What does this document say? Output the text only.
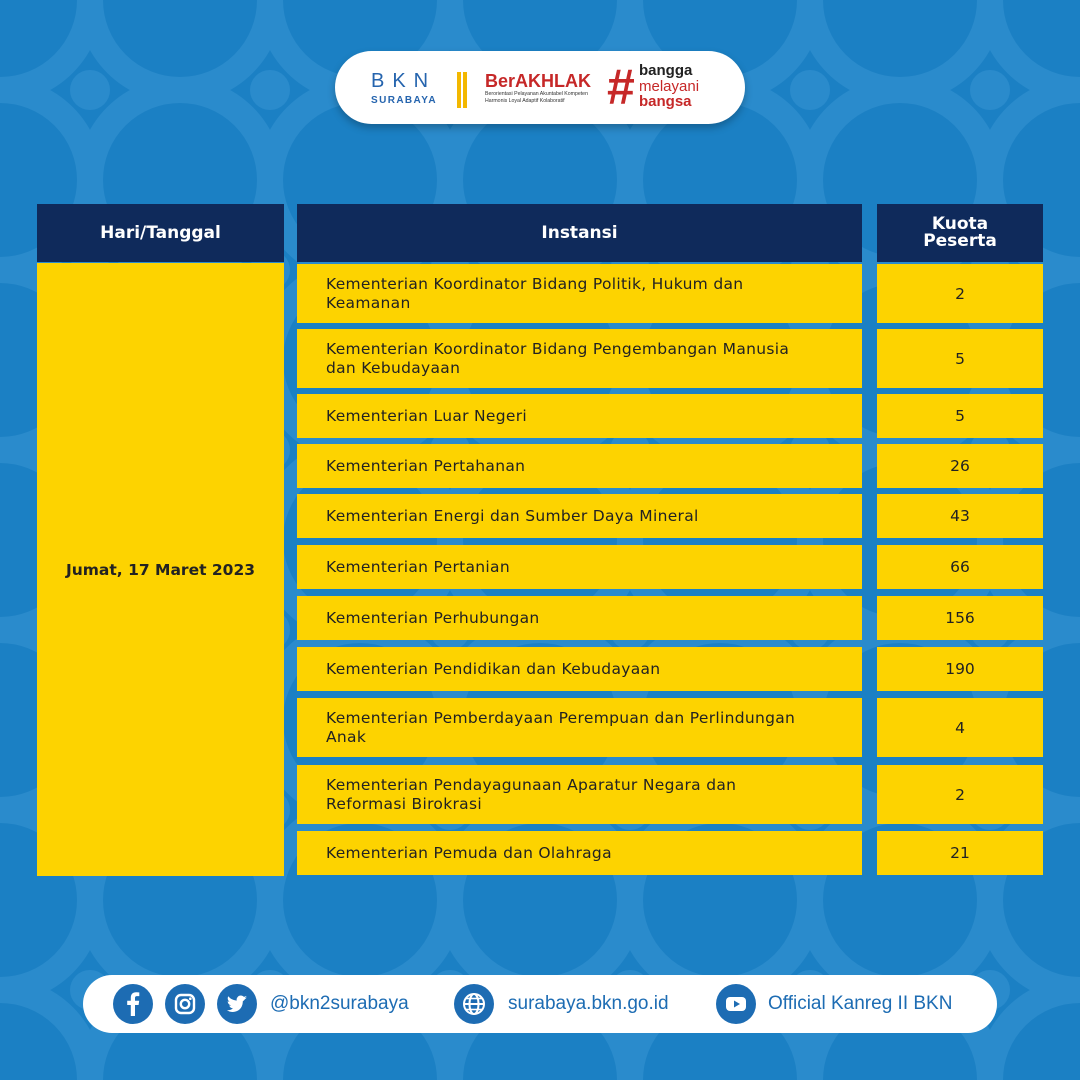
BKN
SURABAYA
BerAKHLAK
Berorientasi Pelayanan Akuntabel Kompeten
Harmonis Loyal Adaptif Kolaboratif # bangga
melayani
bangsa
Hari/Tanggal	Instansi	Kuota
Peserta
Jumat, 17 Maret 2023
Kementerian Koordinator Bidang Politik, Hukum dan Keamanan	2
Kementerian Koordinator Bidang Pengembangan Manusia dan Kebudayaan	5
Kementerian Luar Negeri	5
Kementerian Pertahanan	26
Kementerian Energi dan Sumber Daya Mineral	43
Kementerian Pertanian	66
Kementerian Perhubungan	156
Kementerian Pendidikan dan Kebudayaan	190
Kementerian Pemberdayaan Perempuan dan Perlindungan Anak	4
Kementerian Pendayagunaan Aparatur Negara dan Reformasi Birokrasi	2
Kementerian Pemuda dan Olahraga	21
@bkn2surabaya	surabaya.bkn.go.id	Official Kanreg II BKN
